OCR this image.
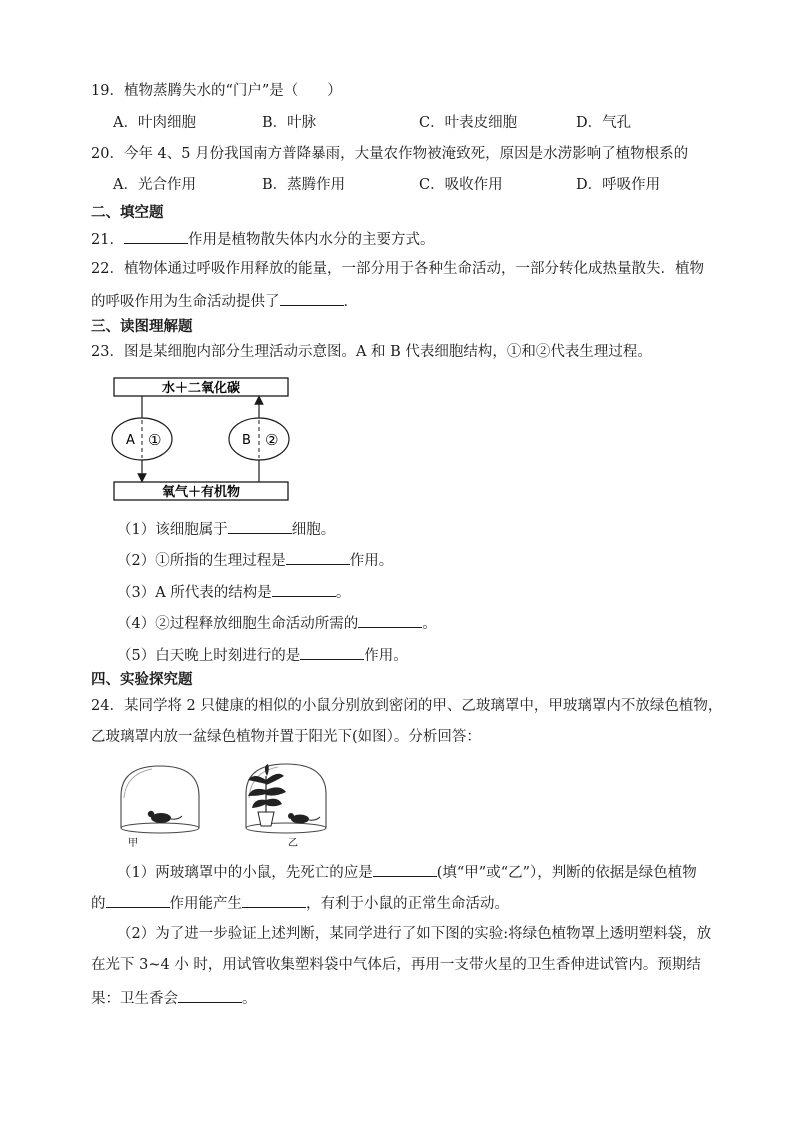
19．植物蒸腾失水的“门户”是（　　）
A．叶肉细胞	B．叶脉	C．叶表皮细胞	D．气孔
20．今年 4、5 月份我国南方普降暴雨，大量农作物被淹致死，原因是水涝影响了植物根系的
A．光合作用	B．蒸腾作用	C．吸收作用	D．呼吸作用
二、填空题
21．	作用是植物散失体内水分的主要方式。
22．植物体通过呼吸作用释放的能量，一部分用于各种生命活动，一部分转化成热量散失．植物
的呼吸作用为生命活动提供了	．
三、读图理解题
23．图是某细胞内部分生理活动示意图。A 和 B 代表细胞结构，①和②代表生理过程。
水＋二氧化碳
氧气＋有机物
A ①	B ②
（1）该细胞属于	细胞。
（2）①所指的生理过程是	作用。
（3）A 所代表的结构是	。
（4）②过程释放细胞生命活动所需的	。
（5）白天晚上时刻进行的是	作用。
四、实验探究题
24．某同学将 2 只健康的相似的小鼠分别放到密闭的甲、乙玻璃罩中，甲玻璃罩内不放绿色植物，
乙玻璃罩内放一盆绿色植物并置于阳光下(如图）。分析回答：
甲	乙
（1）两玻璃罩中的小鼠，先死亡的应是	(填“甲”或“乙”），判断的依据是绿色植物
的	作用能产生	，有利于小鼠的正常生命活动。
（2）为了进一步验证上述判断，某同学进行了如下图的实验:将绿色植物罩上透明塑料袋，放
在光下 3~4 小 时，用试管收集塑料袋中气体后，再用一支带火星的卫生香伸进试管内。预期结
果：卫生香会	。
